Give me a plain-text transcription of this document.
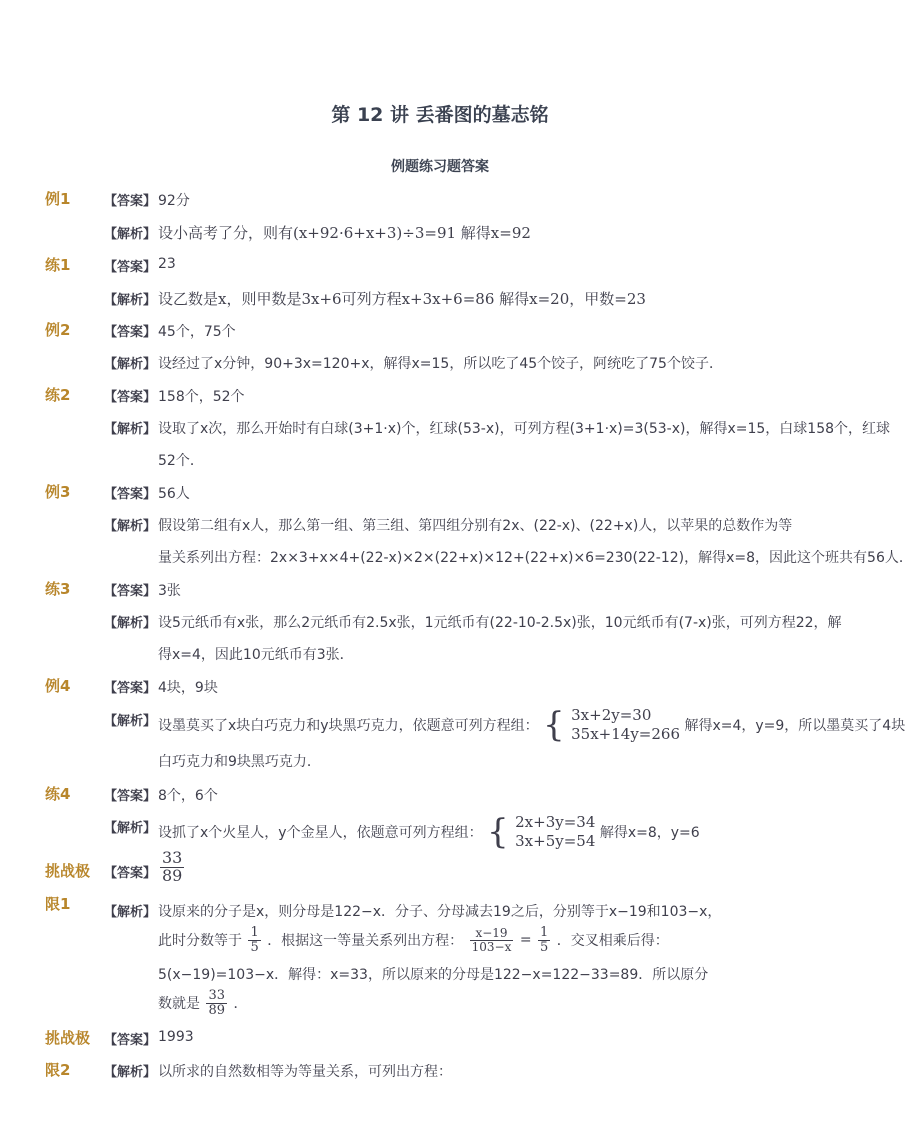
第 12 讲 丢番图的墓志铭
例题练习题答案
例1	【答案】 92分
【解析】 设小高考了分，则有(x+92·6+x+3)÷3=91 解得x=92
练1	【答案】 23
【解析】 设乙数是x，则甲数是3x+6可列方程x+3x+6=86 解得x=20，甲数=23
例2	【答案】 45个，75个
【解析】 设经过了x分钟，90+3x=120+x，解得x=15，所以吃了45个饺子，阿统吃了75个饺子．
练2	【答案】 158个，52个
【解析】 设取了x次，那么开始时有白球(3+1·x)个，红球(53-x)，可列方程(3+1·x)=3(53-x)，解得x=15，白球158个，红球
52个．
例3	【答案】 56人
【解析】 假设第二组有x人，那么第一组、第三组、第四组分别有2x、(22-x)、(22+x)人，以苹果的总数作为等
量关系列出方程：2x×3+x×4+(22-x)×2×(22+x)×12+(22+x)×6=230(22-12)，解得x=8，因此这个班共有56人．
练3	【答案】 3张
【解析】 设5元纸币有x张，那么2元纸币有2.5x张，1元纸币有(22-10-2.5x)张，10元纸币有(7-x)张，可列方程22，解
得x=4，因此10元纸币有3张．
例4	【答案】 4块，9块
【解析】 设墨莫买了x块白巧克力和y块黑巧克力，依题意可列方程组： { 3x+2y=30
35x+14y=266 解得x=4，y=9，所以墨莫买了4块
白巧克力和9块黑巧克力．
练4	【答案】 8个，6个
【解析】 设抓了x个火星人，y个金星人，依题意可列方程组： { 2x+3y=34
3x+5y=54 解得x=8，y=6
挑战极 【答案】 $\frac{33}{89}$
限1	【解析】 设原来的分子是x，则分母是122−x．分子、分母减去19之后，分别等于x−19和103−x，
此时分数等于 $\frac{1}{5}$ ．根据这一等量关系列出方程： $\frac{x-19}{103-x} = \frac{1}{5}$ ．交叉相乘后得：
5(x−19)=103−x．解得：x=33，所以原来的分母是122−x=122−33=89．所以原分
数就是 $\frac{33}{89}$ ．
挑战极 【答案】 1993
限2	【解析】 以所求的自然数相等为等量关系，可列出方程：
